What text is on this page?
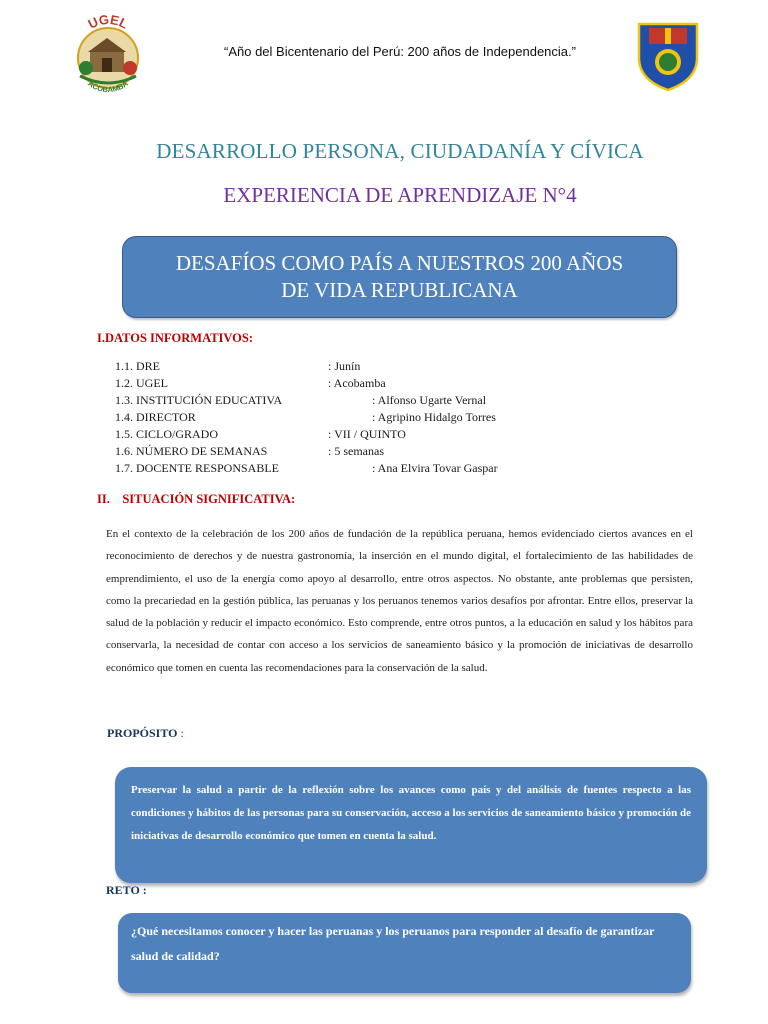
UGEL
ACOBAMBA
“Año del Bicentenario del Perú: 200 años de Independencia.”
DESARROLLO PERSONA, CIUDADANÍA Y CÍVICA
EXPERIENCIA DE APRENDIZAJE N°4
DESAFÍOS COMO PAÍS A NUESTROS 200 AÑOS
DE VIDA REPUBLICANA
I.DATOS INFORMATIVOS:
1.1. DRE	: Junín
1.2. UGEL	: Acobamba
1.3. INSTITUCIÓN EDUCATIVA	: Alfonso Ugarte Vernal
1.4. DIRECTOR	: Agripino Hidalgo Torres
1.5. CICLO/GRADO	: VII / QUINTO
1.6. NÚMERO DE SEMANAS	: 5 semanas
1.7. DOCENTE RESPONSABLE	: Ana Elvira Tovar Gaspar
II.    SITUACIÓN SIGNIFICATIVA:
En el contexto de la celebración de los 200 años de fundación de la república peruana, hemos evidenciado ciertos avances en el reconocimiento de derechos y de nuestra gastronomía, la inserción en el mundo digital, el fortalecimiento de las habilidades de emprendimiento, el uso de la energía como apoyo al desarrollo, entre otros aspectos. No obstante, ante problemas que persisten, como la precariedad en la gestión pública, las peruanas y los peruanos tenemos varios desafíos por afrontar. Entre ellos, preservar la salud de la población y reducir el impacto económico. Esto comprende, entre otros puntos, a la educación en salud y los hábitos para conservarla, la necesidad de contar con acceso a los servicios de saneamiento básico y la promoción de iniciativas de desarrollo económico que tomen en cuenta las recomendaciones para la conservación de la salud.
PROPÓSITO :
Preservar la salud a partir de la reflexión sobre los avances como país y del análisis de fuentes respecto a las condiciones y hábitos de las personas para su conservación, acceso a los servicios de saneamiento básico y promoción de iniciativas de desarrollo económico que tomen en cuenta la salud.
RETO :
¿Qué necesitamos conocer y hacer las peruanas y los peruanos para responder al desafío de garantizar salud de calidad?
